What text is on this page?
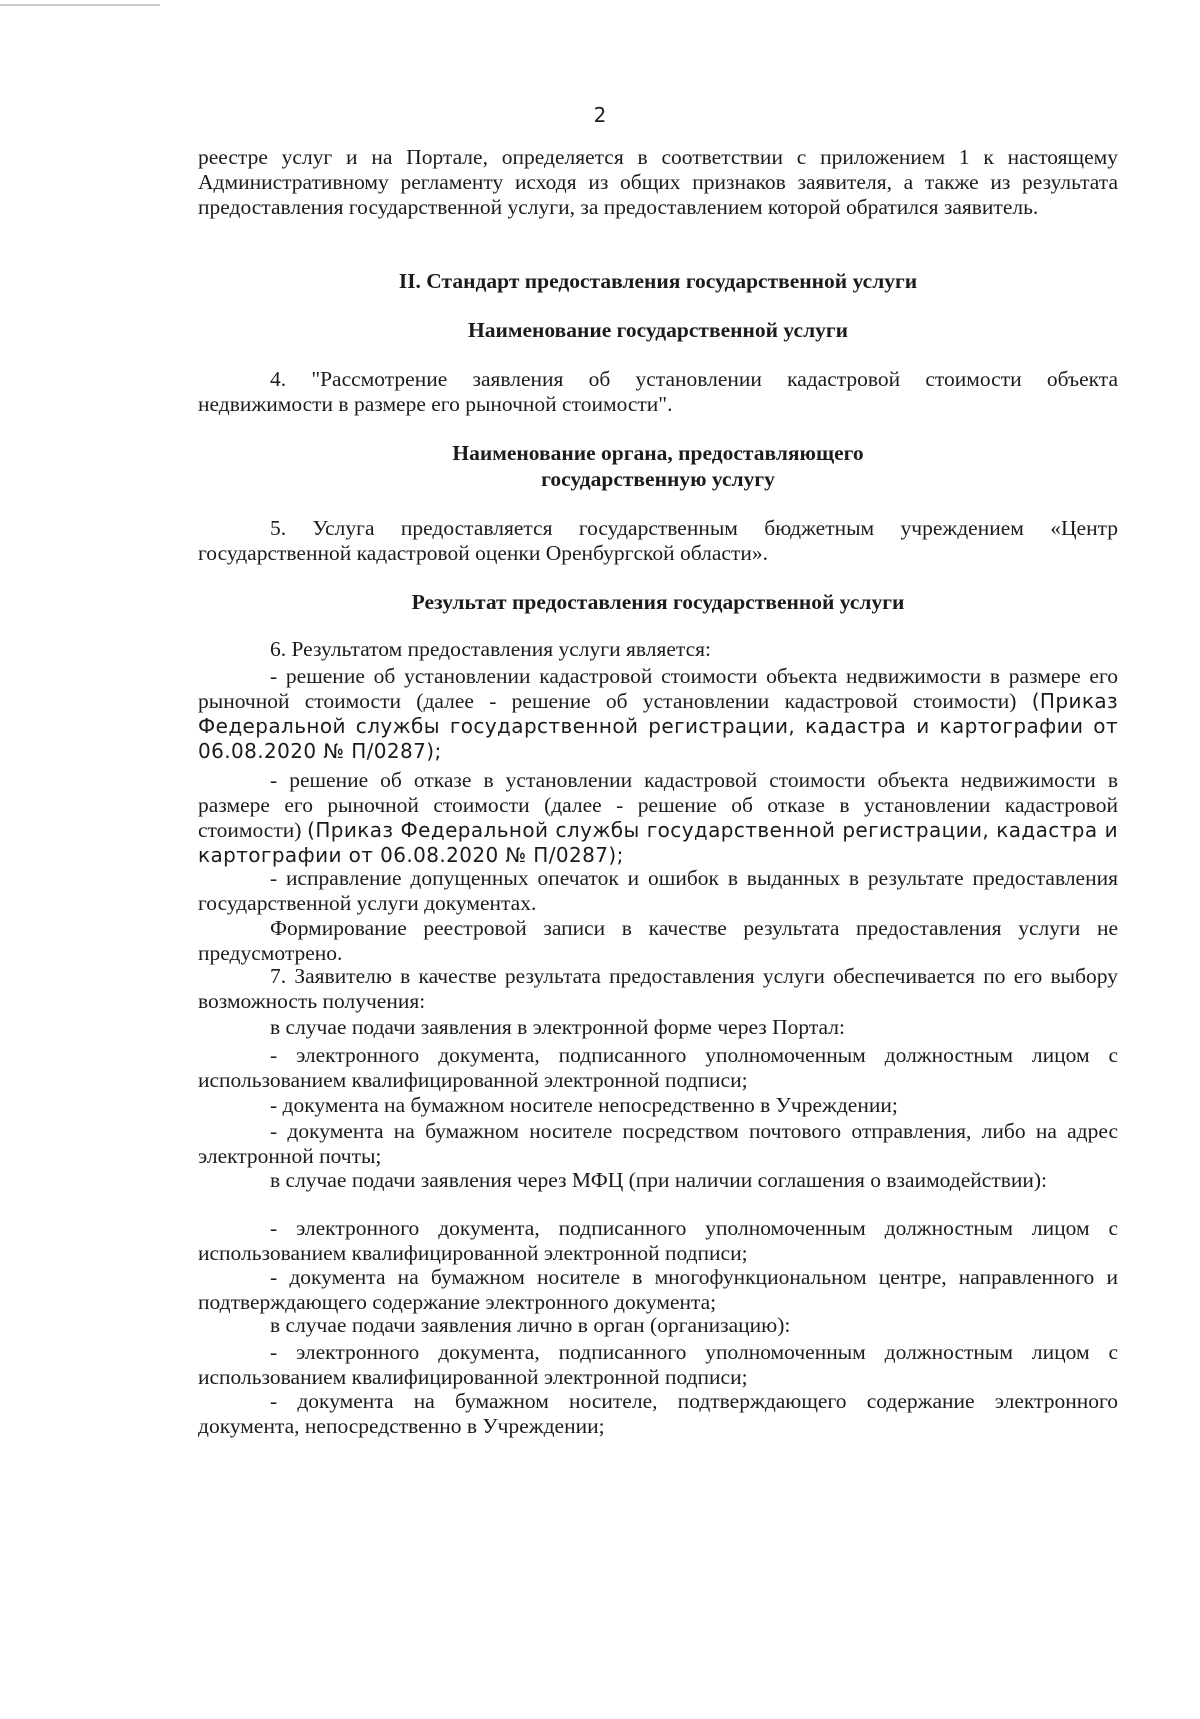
2

реестре услуг и на Портале, определяется в соответствии с приложением 1 к настоящему Административному регламенту исходя из общих признаков заявителя, а также из результата предоставления государственной услуги, за предоставлением которой обратился заявитель.

II. Стандарт предоставления государственной услуги
Наименование государственной услуги

4. "Рассмотрение заявления об установлении кадастровой стоимости объекта недвижимости в размере его рыночной стоимости".

Наименование органа, предоставляющего
государственную услугу

5. Услуга предоставляется государственным бюджетным учреждением «Центр государственной кадастровой оценки Оренбургской области».

Результат предоставления государственной услуги

6. Результатом предоставления услуги является:

- решение об установлении кадастровой стоимости объекта недвижимости в размере его рыночной стоимости (далее - решение об установлении кадастровой стоимости) (Приказ Федеральной службы государственной регистрации, кадастра и картографии от 06.08.2020 № П/0287);

- решение об отказе в установлении кадастровой стоимости объекта недвижимости в размере его рыночной стоимости (далее - решение об отказе в установлении кадастровой стоимости) (Приказ Федеральной службы государственной регистрации, кадастра и картографии от 06.08.2020 № П/0287);

- исправление допущенных опечаток и ошибок в выданных в результате предоставления государственной услуги документах.

Формирование реестровой записи в качестве результата предоставления услуги не предусмотрено.

7. Заявителю в качестве результата предоставления услуги обеспечивается по его выбору возможность получения:

в случае подачи заявления в электронной форме через Портал:

- электронного документа, подписанного уполномоченным должностным лицом с использованием квалифицированной электронной подписи;

- документа на бумажном носителе непосредственно в Учреждении;

- документа на бумажном носителе посредством почтового отправления, либо на адрес электронной почты;

в случае подачи заявления через МФЦ (при наличии соглашения о взаимодействии):

- электронного документа, подписанного уполномоченным должностным лицом с использованием квалифицированной электронной подписи;

- документа на бумажном носителе в многофункциональном центре, направленного и подтверждающего содержание электронного документа;

в случае подачи заявления лично в орган (организацию):

- электронного документа, подписанного уполномоченным должностным лицом с использованием квалифицированной электронной подписи;

- документа на бумажном носителе, подтверждающего содержание электронного документа, непосредственно в Учреждении;
